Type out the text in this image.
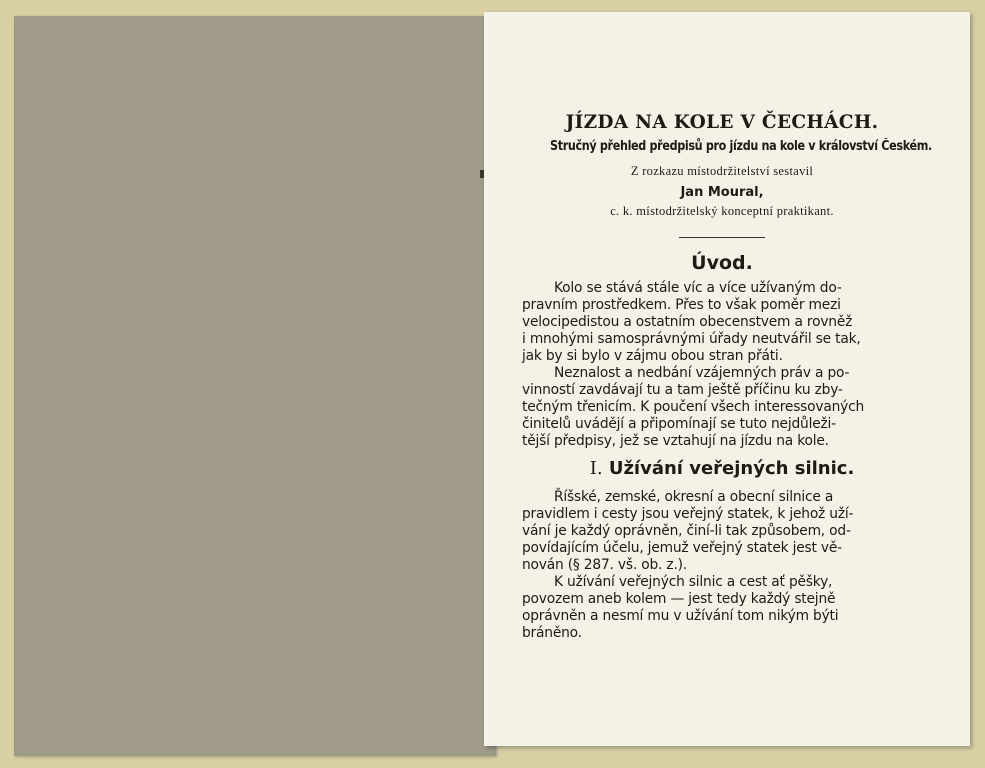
JÍZDA NA KOLE V ČECHÁCH.

Stručný přehled předpisů pro jízdu na kole v království Českém.

Z rozkazu místodržitelství sestavil

Jan Moural,

c. k. místodržitelský konceptní praktikant.

Úvod.

Kolo se stává stále víc a více užívaným do-
pravním prostředkem. Přes to však poměr mezi
velocipedistou a ostatním obecenstvem a rovněž
i mnohými samosprávnými úřady neutvářil se tak,
jak by si bylo v zájmu obou stran přáti.

Neznalost a nedbání vzájemných práv a po-
vinností zavdávají tu a tam ještě příčinu ku zby-
tečným třenicím. K poučení všech interessovaných
činitelů uvádějí a připomínají se tuto nejdůleži-
tější předpisy, jež se vztahují na jízdu na kole.

I. Užívání veřejných silnic.

Říšské, zemské, okresní a obecní silnice a
pravidlem i cesty jsou veřejný statek, k jehož uží-
vání je každý oprávněn, činí-li tak způsobem, od-
povídajícím účelu, jemuž veřejný statek jest vě-
nován (§ 287. vš. ob. z.).

K užívání veřejných silnic a cest ať pěšky,
povozem aneb kolem — jest tedy každý stejně
oprávněn a nesmí mu v užívání tom nikým býti
bráněno.
